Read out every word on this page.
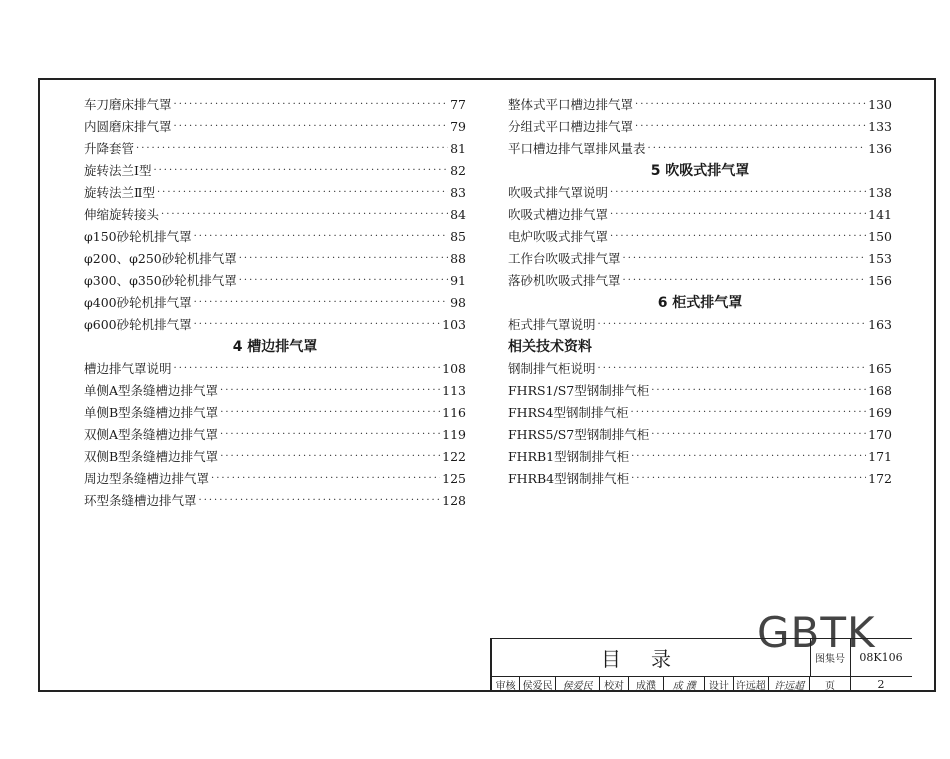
车刀磨床排气罩 ·····	77
内圆磨床排气罩 ·····	79
升降套管 ·····	81
旋转法兰Ⅰ型 ·····	82
旋转法兰Ⅱ型 ·····	83
伸缩旋转接头 ·····	84
φ150砂轮机排气罩 ·····	85
φ200、φ250砂轮机排气罩 ·····	88
φ300、φ350砂轮机排气罩 ·····	91
φ400砂轮机排气罩 ·····	98
φ600砂轮机排气罩 ·····	103
4 槽边排气罩
槽边排气罩说明 ·····	108
单侧A型条缝槽边排气罩 ·····	113
单侧B型条缝槽边排气罩 ·····	116
双侧A型条缝槽边排气罩 ·····	119
双侧B型条缝槽边排气罩 ·····	122
周边型条缝槽边排气罩 ·····	125
环型条缝槽边排气罩 ·····	128
整体式平口槽边排气罩 ·····	130
分组式平口槽边排气罩 ·····	133
平口槽边排气罩排风量表 ·····	136
5 吹吸式排气罩
吹吸式排气罩说明 ·····	138
吹吸式槽边排气罩 ·····	141
电炉吹吸式排气罩 ·····	150
工作台吹吸式排气罩 ·····	153
落砂机吹吸式排气罩 ·····	156
6 柜式排气罩
柜式排气罩说明 ·····	163
相关技术资料
钢制排气柜说明 ·····	165
FHRS1/S7型钢制排气柜 ·····	168
FHRS4型钢制排气柜 ·····	169
FHRS5/S7型钢制排气柜 ·····	170
FHRB1型钢制排气柜 ·····	171
FHRB4型钢制排气柜 ·····	172
GBTK
目录	图集号	08K106
页	2
审核 侯爱民	侯爱民	校对	成濮	成 濮	设计 许远超 许远超
